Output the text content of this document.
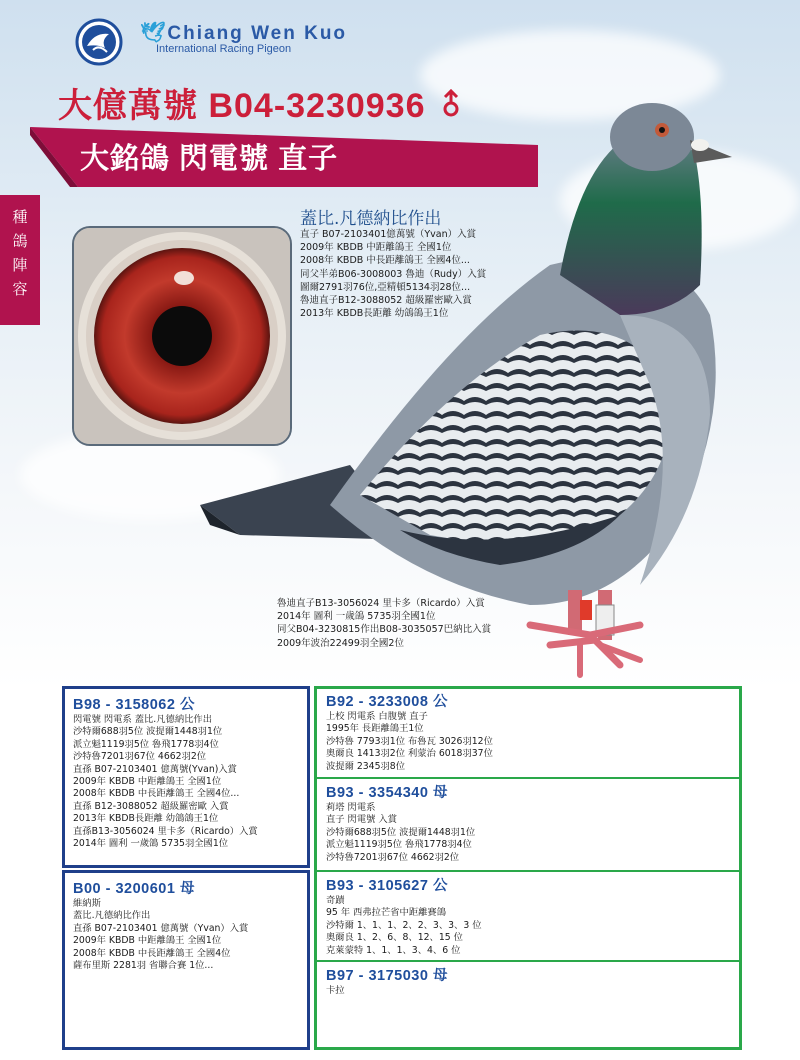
🕊Chiang Wen Kuo
International Racing Pigeon
大億萬號 B04-3230936
大銘鴿 閃電號 直子
種
鴿
陣
容
蓋比.凡德納比作出
直子 B07-2103401億萬號（Yvan）入賞
2009年 KBDB 中距離鴿王 全國1位
2008年 KBDB 中長距離鴿王 全國4位...
同父半弟B06-3008003 魯迪（Rudy）入賞
圖爾2791羽76位,亞精頓5134羽28位...
魯迪直子B12-3088052 超級羅密歐入賞
2013年 KBDB長距離 幼鴿鴿王1位
魯迪直子B13-3056024 里卡多（Ricardo）入賞
2014年 圖利 一歲鴿 5735羽全國1位
同父B04-3230815作出B08-3035057巴納比入賞
2009年波治22499羽全國2位
B98 - 3158062 公
閃電號 閃電系 蓋比.凡德納比作出
沙特爾688羽5位 波提爾1448羽1位
派立魁1119羽5位 魯飛1778羽4位
沙特魯7201羽67位 4662羽2位
直孫 B07-2103401 億萬號(Yvan)入賞
2009年 KBDB 中距離鴿王 全國1位
2008年 KBDB 中長距離鴿王 全國4位...
直孫 B12-3088052 超級羅密歐 入賞
2013年 KBDB長距離 幼鴿鴿王1位
直孫B13-3056024 里卡多（Ricardo）入賞
2014年 圖利 一歲鴿 5735羽全國1位
B00 - 3200601 母
維納斯
蓋比.凡德納比作出
直孫 B07-2103401 億萬號（Yvan）入賞
2009年 KBDB 中距離鴿王 全國1位
2008年 KBDB 中長距離鴿王 全國4位
薩布里斯 2281羽 省聯合賽 1位...
B92 - 3233008 公
上校 閃電系 白腹號 直子
1995年 長距離鴿王1位
沙特魯 7793羽1位 布魯瓦 3026羽12位
奧爾良 1413羽2位 利蒙治 6018羽37位
波提爾 2345羽8位
B93 - 3354340 母
莉塔 閃電系
直子 閃電號 入賞
沙特爾688羽5位 波提爾1448羽1位
派立魁1119羽5位 魯飛1778羽4位
沙特魯7201羽67位 4662羽2位
B93 - 3105627 公
奇蹟
95 年 西弗拉芒省中距離賽鴿
沙特爾 1、1、1、2、2、3、3、3 位
奧爾良 1、2、6、8、12、15 位
克萊蒙特 1、1、1、3、4、6 位
B97 - 3175030 母
卡拉
